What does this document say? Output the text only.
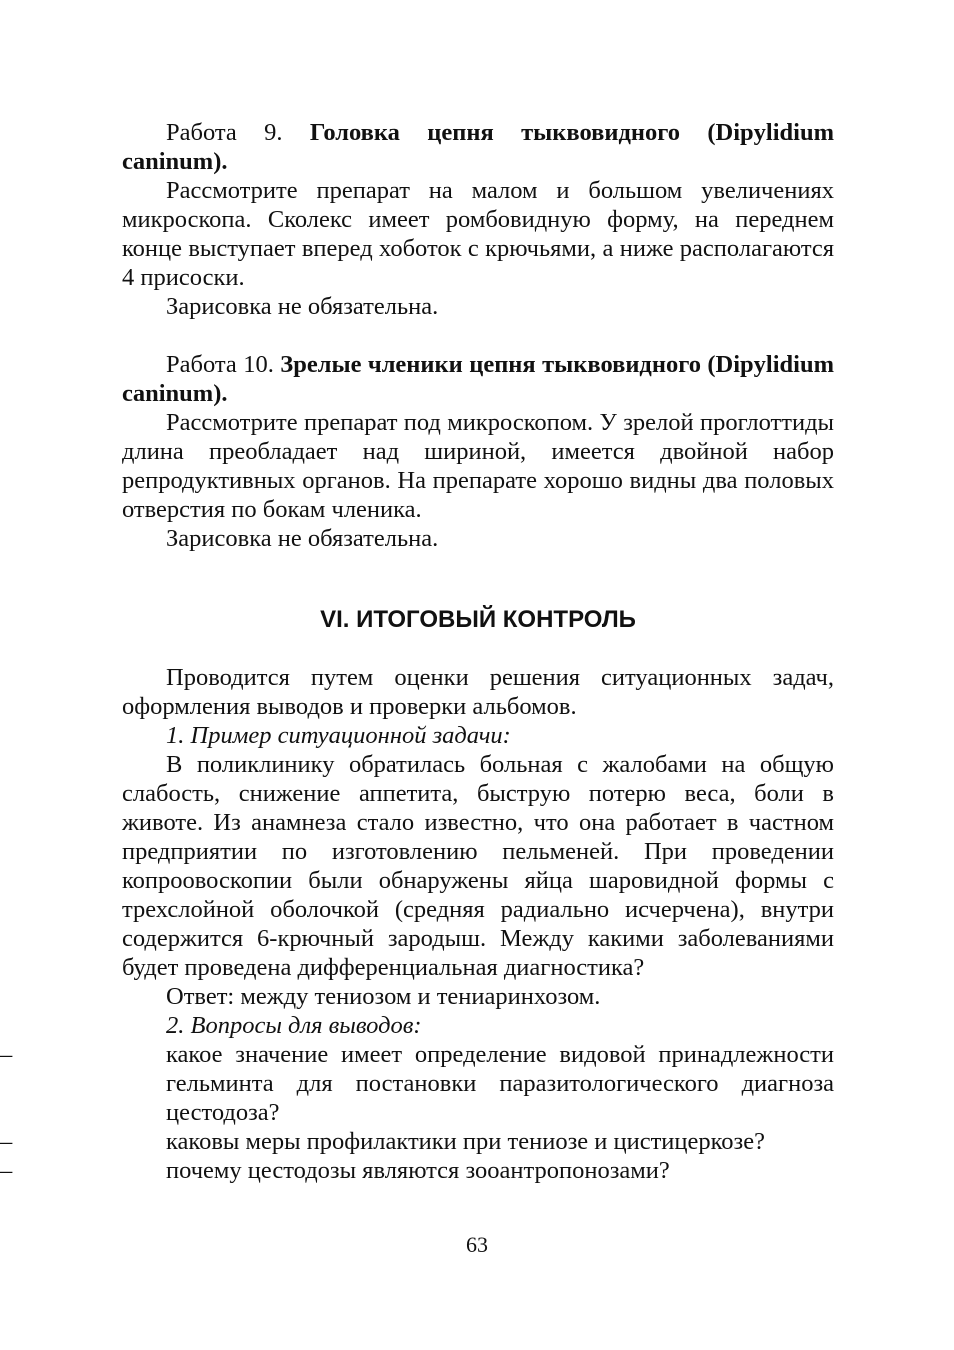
Работа 9. Головка цепня тыквовидного (Dipylidium caninum).

Рассмотрите препарат на малом и большом увеличениях микроскопа. Сколекс имеет ромбовидную форму, на переднем конце выступает вперед хоботок с крючьями, а ниже располагаются 4 присоски.

Зарисовка не обязательна.

Работа 10. Зрелые членики цепня тыквовидного (Dipylidium caninum).

Рассмотрите препарат под микроскопом. У зрелой проглоттиды длина преобладает над шириной, имеется двойной набор репродуктивных органов. На препарате хорошо видны два половых отверстия по бокам членика.

Зарисовка не обязательна.

VI. ИТОГОВЫЙ КОНТРОЛЬ

Проводится путем оценки решения ситуационных задач, оформления выводов и проверки альбомов.

1. Пример ситуационной задачи:

В поликлинику обратилась больная с жалобами на общую слабость, снижение аппетита, быструю потерю веса, боли в животе. Из анамнеза стало известно, что она работает в частном предприятии по изготовлению пельменей. При проведении копроовоскопии были обнаружены яйца шаровидной формы с трехслойной оболочкой (средняя радиально исчерчена), внутри содержится 6-крючный зародыш. Между какими заболеваниями будет проведена дифференциальная диагностика?

Ответ: между тениозом и тениаринхозом.

2. Вопросы для выводов:

–	какое значение имеет определение видовой принадлежности гельминта для постановки паразитологического диагноза цестодоза?
–	каковы меры профилактики при тениозе и цистицеркозе?
–	почему цестодозы являются зооантропонозами?
63
